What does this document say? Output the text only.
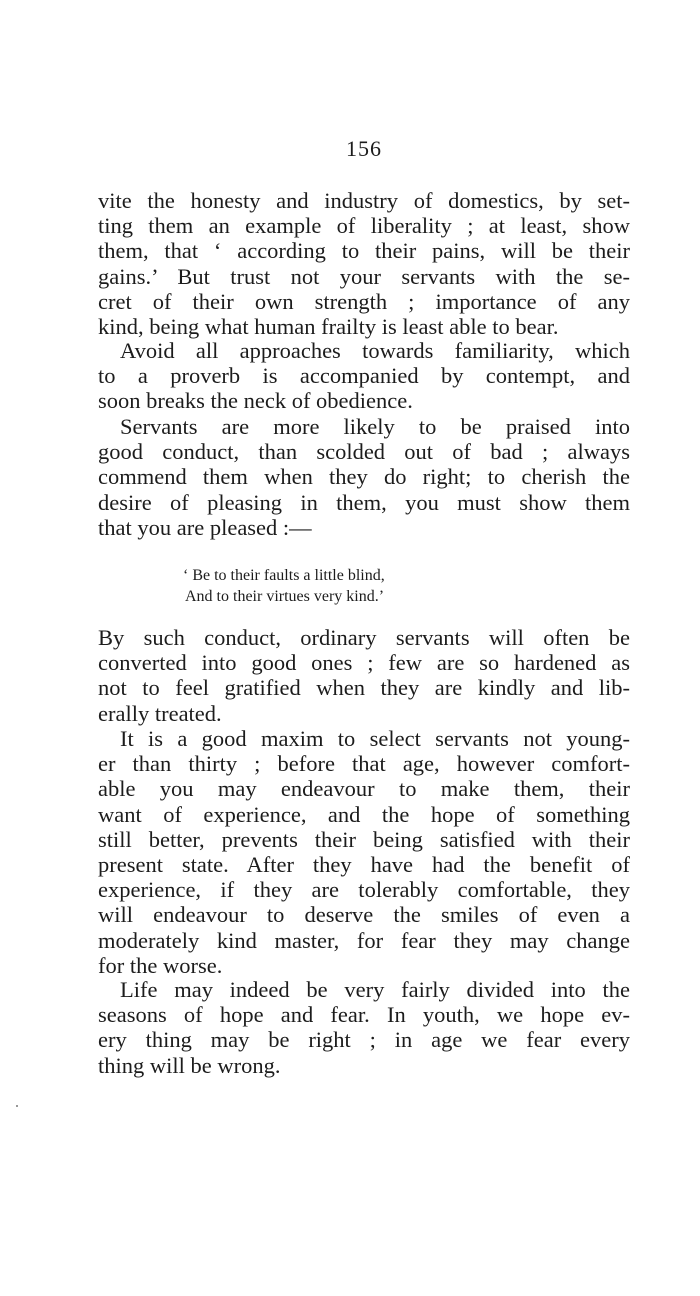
156
vite the honesty and industry of domestics, by set-
ting them an example of liberality ; at least, show
them, that ‘ according to their pains, will be their
gains.’ But trust not your servants with the se-
cret of their own strength ; importance of any
kind, being what human frailty is least able to bear.
Avoid all approaches towards familiarity, which
to a proverb is accompanied by contempt, and
soon breaks the neck of obedience.
Servants are more likely to be praised into
good conduct, than scolded out of bad ; always
commend them when they do right; to cherish the
desire of pleasing in them, you must show them
that you are pleased :—
‘ Be to their faults a little blind,
And to their virtues very kind.’
By such conduct, ordinary servants will often be
converted into good ones ; few are so hardened as
not to feel gratified when they are kindly and lib-
erally treated.
It is a good maxim to select servants not young-
er than thirty ; before that age, however comfort-
able you may endeavour to make them, their
want of experience, and the hope of something
still better, prevents their being satisfied with their
present state. After they have had the benefit of
experience, if they are tolerably comfortable, they
will endeavour to deserve the smiles of even a
moderately kind master, for fear they may change
for the worse.
Life may indeed be very fairly divided into the
seasons of hope and fear. In youth, we hope ev-
ery thing may be right ; in age we fear every
thing will be wrong.
